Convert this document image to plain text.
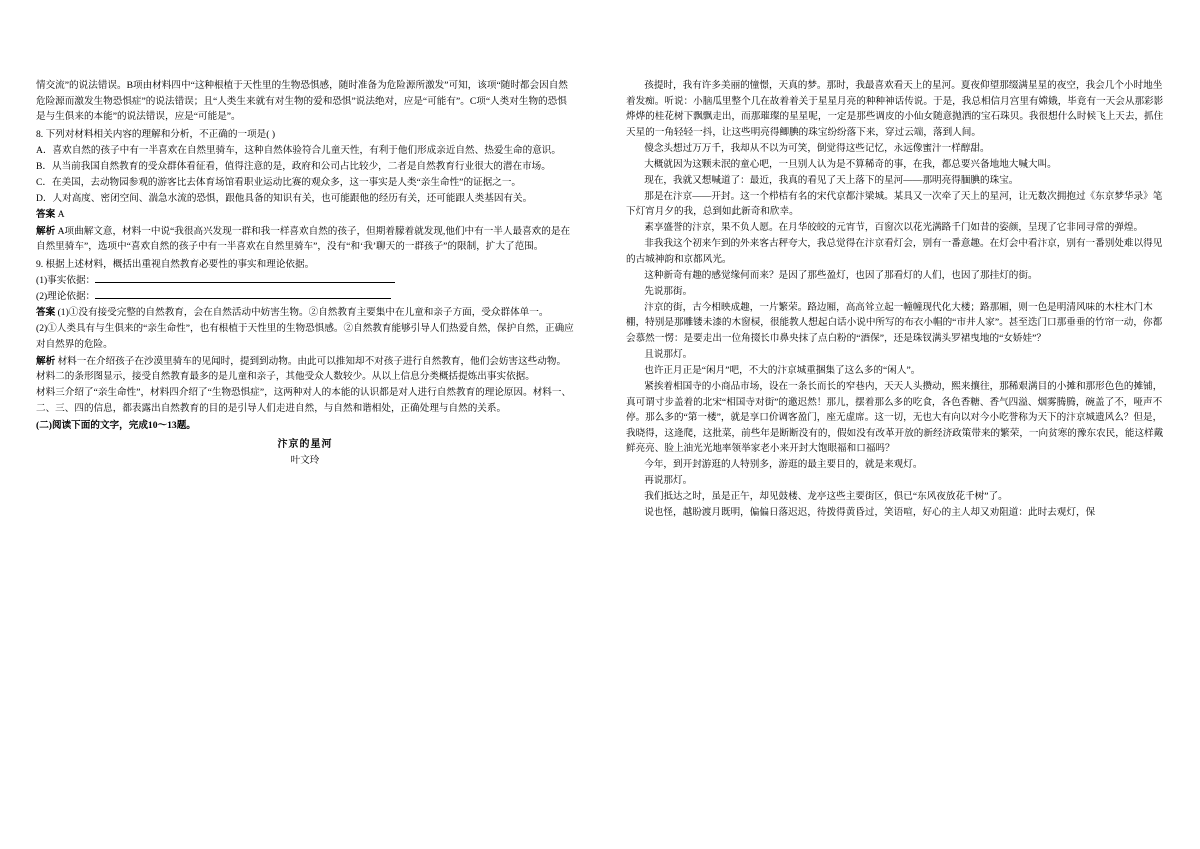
情交流”的说法错误。B项由材料四中“这种根植于天性里的生物恐惧感，随时准备为危险源所激发”可知，该项“随时都会因自然危险源而激发生物恐惧症”的说法错误；且“人类生来就有对生物的爱和恐惧”说法绝对，应是“可能有”。C项“人类对生物的恐惧是与生俱来的本能”的说法错误，应是“可能是”。

8. 下列对材料相关内容的理解和分析，不正确的一项是( )

A．喜欢自然的孩子中有一半喜欢在自然里骑车，这种自然体验符合儿童天性，有利于他们形成亲近自然、热爱生命的意识。

B．从当前我国自然教育的受众群体看征看，值得注意的是，政府和公司占比较少，二者是自然教育行业很大的潜在市场。

C．在美国，去动物园参观的游客比去体育场馆看职业运动比赛的观众多，这一事实是人类“亲生命性”的证据之一。

D．人对高度、密闭空间、湍急水流的恐惧，跟他具备的知识有关，也可能跟他的经历有关，还可能跟人类基因有关。

答案 A

解析 A项曲解文意，材料一中说“我很高兴发现一群和我一样喜欢自然的孩子，但期着朦着就发现,他们中有一半人最喜欢的是在自然里骑车”，选项中“喜欢自然的孩子中有一半喜欢在自然里骑车”，没有“和‘我’聊天的一群孩子”的限制，扩大了范围。

9. 根据上述材料，概括出重视自然教育必要性的事实和理论依据。

(1)事实依据：

(2)理论依据：

答案 (1)①没有接受完整的自然教育，会在自然活动中妨害生物。②自然教育主要集中在儿童和亲子方面，受众群体单一。

(2)①人类具有与生俱来的“亲生命性”，也有根植于天性里的生物恐惧感。②自然教育能够引导人们热爱自然，保护自然，正确应对自然界的危险。

解析 材料一在介绍孩子在沙漠里骑车的见闻时，提到到动物。由此可以推知却不对孩子进行自然教育，他们会妨害这些动物。材料二的条形图显示，接受自然教育最多的是儿童和亲子，其他受众人数较少。从以上信息分类概括提炼出事实依据。

材料三介绍了“亲生命性”，材料四介绍了“生物恐惧症”，这两种对人的本能的认识都是对人进行自然教育的理论原因。材料一、二、三、四的信息，都表露出自然教育的目的是引导人们走进自然，与自然和谐相处，正确处理与自然的关系。

(二)阅读下面的文字，完成10～13题。

汴京的星河

叶文玲

孩提时，我有许多美丽的憧憬，天真的梦。那时，我最喜欢看天上的星河。夏夜仰望那缀满星星的夜空，我会几个小时地坐着发痴。听说：小脑瓜里整个几在故着着关于星星月亮的种种神话传说。于是，我总相信月宫里有嫦娥，毕竟有一天会从那彩影烨烨的桂花树下飘飘走出，而那璀璨的星星呢，一定是那些调皮的小仙女随意抛洒的宝石珠贝。我很想什么时候飞上天去，抓住天星的一角轻轻一抖，让这些明亮得鲫腆的珠宝纷纷落下来，穿过云端，落到人间。

傻念头想过万万千，我却从不以为可笑，倒觉得这些记忆，永远像蜜汁一样醇甜。

大概就因为这颗未泯的童心吧，一旦别人认为是不算稀奇的事，在我，都总要兴备地地大喊大叫。

现在，我就又想喊道了：最近，我真的看见了天上落下的星河——那明亮得腼腆的珠宝。

那是在汴京——开封。这一个栉桔有名的宋代京都汴梁城。某具又一次牵了天上的星河，让无数次拥抱过《东京梦华录》笔下灯宵月夕的我，总到如此新奇和欣幸。

素享盛誉的汴京，果不负人愿。在月华皎皎的元宵节，百窗次以花光满路千门如昔的姿颜，呈现了它非同寻常的弹煌。

非我我这个初来乍到的外来客古秤夸大，我总觉得在汴京看灯会，别有一番意趣。在灯会中看汴京，别有一番别处难以得见的古城神韵和京都风光。

这种新奇有趣的感觉缘何而来？是因了那些盈灯，也因了那看灯的人们，也因了那挂灯的街。

先说那街。

汴京的街，古今相映成趣，一片繁荣。路边厢，高高耸立起一幢幢现代化大楼；路那厢，则一色是明清风味的木柱木门木棚，特别是那雕镂未漆的木窗棂，很能教人想起白话小说中所写的布衣小帽的“市井人家”。甚至迭门口那垂垂的竹帘一动，你都会慕然一愣：是要走出一位角掇长巾鼻央抹了点白粉的“酒保”，还是珠钗满头罗裙曳地的“女娇娃”？

且说那灯。

也许正月正是“闲月”吧，不大的汴京城重捆集了这么多的“闲人”。

紧挨着相国寺的小商品市场，设在一条长而长的窄巷内，天天人头攒动，熙来攘往，那稀艰满目的小摊和那形色色的摊铺，真可谓寸步盖着的北宋“相国寺对街”的邀迟然！那儿，摆着那么多的吃食，各色香糖、香气四溢、烟雾腾腾，碗盖了不，哑声不停。那么多的“第一楼”，就是享口价调客盈门，座无虚席。这一切，无也大有向以对今小吃誉称为天下的汴京城遗风么？但是，我晓得，这逄爬，这批菜，前些年是断断没有的，假如没有改革开放的新经济政策带来的繁荣，一向贫寒的豫东农民，能这样戴鲜亮亮、脸上油光光地率领举家老小来开封大饱眼福和口福吗？

今年，到开封游逛的人特别多，游逛的最主要目的，就是来观灯。

再说那灯。

我们抵达之时，虽是正午，却见鼓楼、龙亭这些主要街区，俱已“东风夜放花千树”了。

说也怪，越盼渡月既明，偏偏日落迟迟，待拨得黄昏过，笑语喧，好心的主人却又劝阻道：此时去观灯，保
